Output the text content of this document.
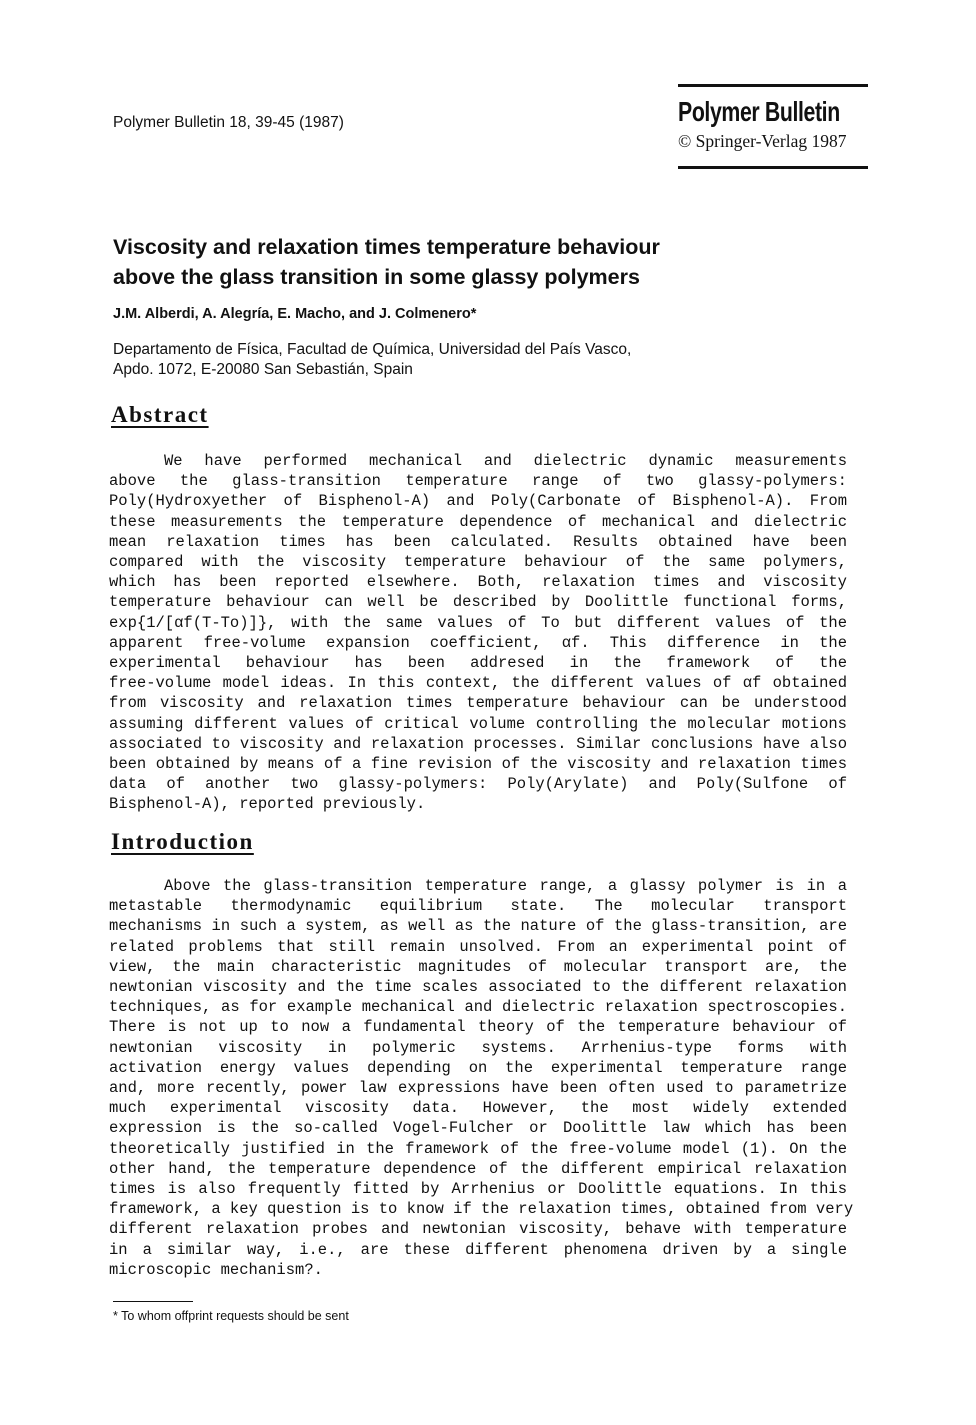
Polymer Bulletin 18, 39-45 (1987)	Polymer Bulletin
© Springer-Verlag 1987
Viscosity and relaxation times temperature behaviour
above the glass transition in some glassy polymers
J.M. Alberdi, A. Alegría, E. Macho, and J. Colmenero*
Departamento de Física, Facultad de Química, Universidad del País Vasco,
Apdo. 1072, E-20080 San Sebastián, Spain
Abstract
We have performed mechanical and dielectric dynamic measurements
above the glass-transition temperature range of two glassy-polymers:
Poly(Hydroxyether of Bisphenol-A) and Poly(Carbonate of Bisphenol-A). From
these measurements the temperature dependence of mechanical and dielectric
mean relaxation times has been calculated. Results obtained have been
compared with the viscosity temperature behaviour of the same polymers,
which has been reported elsewhere. Both, relaxation times and viscosity
temperature behaviour can well be described by Doolittle functional forms,
exp{1/[αf(T-To)]}, with the same values of To but different values of the
apparent free-volume expansion coefficient, αf. This difference in the
experimental behaviour has been addresed in the framework of the
free-volume model ideas. In this context, the different values of αf obtained
from viscosity and relaxation times temperature behaviour can be understood
assuming different values of critical volume controlling the molecular motions
associated to viscosity and relaxation processes. Similar conclusions have also
been obtained by means of a fine revision of the viscosity and relaxation times
data of another two glassy-polymers: Poly(Arylate) and Poly(Sulfone of
Bisphenol-A), reported previously.
Introduction
Above the glass-transition temperature range, a glassy polymer is in a
metastable thermodynamic equilibrium state. The molecular transport
mechanisms in such a system, as well as the nature of the glass-transition, are
related problems that still remain unsolved. From an experimental point of
view, the main characteristic magnitudes of molecular transport are, the
newtonian viscosity and the time scales associated to the different relaxation
techniques, as for example mechanical and dielectric relaxation spectroscopies.
There is not up to now a fundamental theory of the temperature behaviour of
newtonian viscosity in polymeric systems. Arrhenius-type forms with
activation energy values depending on the experimental temperature range
and, more recently, power law expressions have been often used to parametrize
much experimental viscosity data. However, the most widely extended
expression is the so-called Vogel-Fulcher or Doolittle law which has been
theoretically justified in the framework of the free-volume model (1). On the
other hand, the temperature dependence of the different empirical relaxation
times is also frequently fitted by Arrhenius or Doolittle equations. In this
framework, a key question is to know if the relaxation times, obtained from very
different relaxation probes and newtonian viscosity, behave with temperature
in a similar way, i.e., are these different phenomena driven by a single
microscopic mechanism?.
* To whom offprint requests should be sent
